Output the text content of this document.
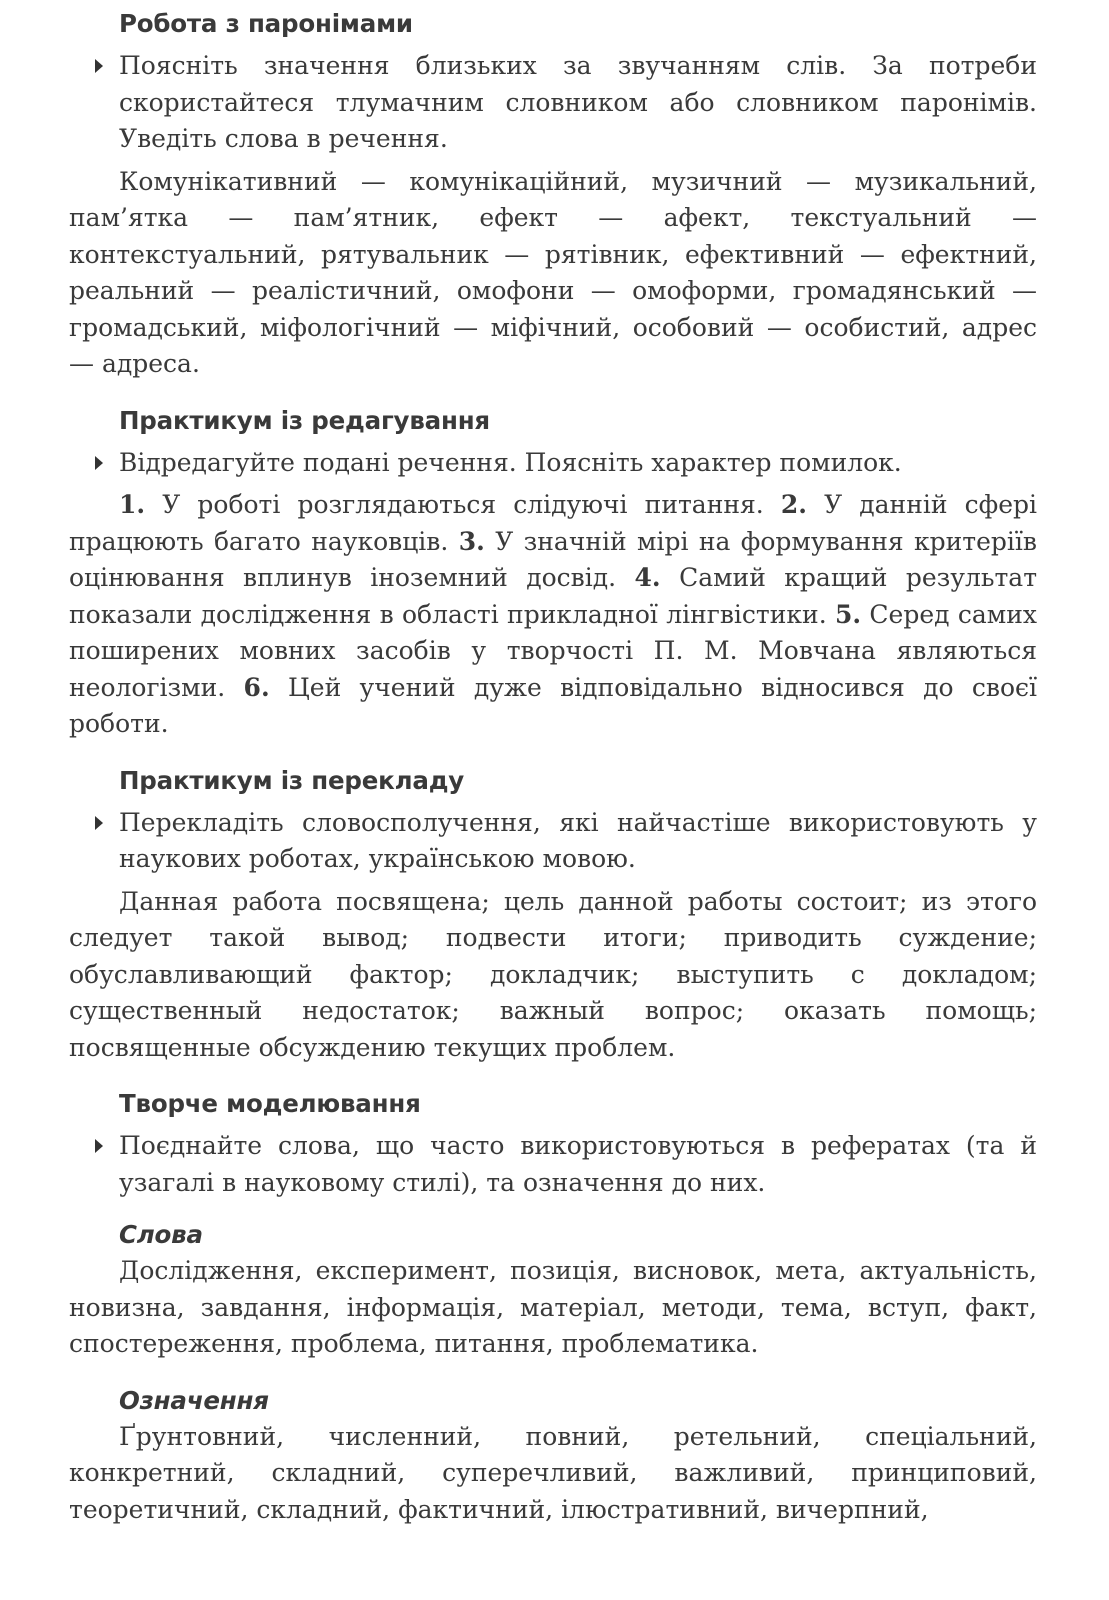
Робота з паронімами
Поясніть значення близьких за звучанням слів. За потреби скористайтеся тлумачним словником або словником паронімів. Уведіть слова в речення.

Комунікативний — комунікаційний, музичний — музикальний, пам’ятка — пам’ятник, ефект — афект, текстуальний — контекстуальний, рятувальник — рятівник, ефективний — ефектний, реальний — реалістичний, омофони — омоформи, громадянський — громадський, міфологічний — міфічний, особовий — особистий, адрес — адреса.

Практикум із редагування
Відредагуйте подані речення. Поясніть характер помилок.

1. У роботі розглядаються слідуючі питання. 2. У данній сфері працюють багато науковців. 3. У значній мірі на формування критеріїв оцінювання вплинув іноземний досвід. 4. Самий кращий результат показали дослідження в області прикладної лінгвістики. 5. Серед самих поширених мовних засобів у творчості П. М. Мовчана являються неологізми. 6. Цей учений дуже відповідально відносився до своєї роботи.

Практикум із перекладу
Перекладіть словосполучення, які найчастіше використовують у наукових роботах, українською мовою.

Данная работа посвящена; цель данной работы состоит; из этого следует такой вывод; подвести итоги; приводить суждение; обуславливающий фактор; докладчик; выступить с докладом; существенный недостаток; важный вопрос; оказать помощь; посвященные обсуждению текущих проблем.

Творче моделювання
Поєднайте слова, що часто використовуються в рефератах (та й узагалі в науковому стилі), та означення до них.
Слова

Дослідження, експеримент, позиція, висновок, мета, актуальність, новизна, завдання, інформація, матеріал, методи, тема, вступ, факт, спостереження, проблема, питання, проблематика.

Означення

Ґрунтовний, численний, повний, ретельний, спеціальний, конкретний, складний, суперечливий, важливий, принциповий, теоретичний, складний, фактичний, ілюстративний, вичерпний,
